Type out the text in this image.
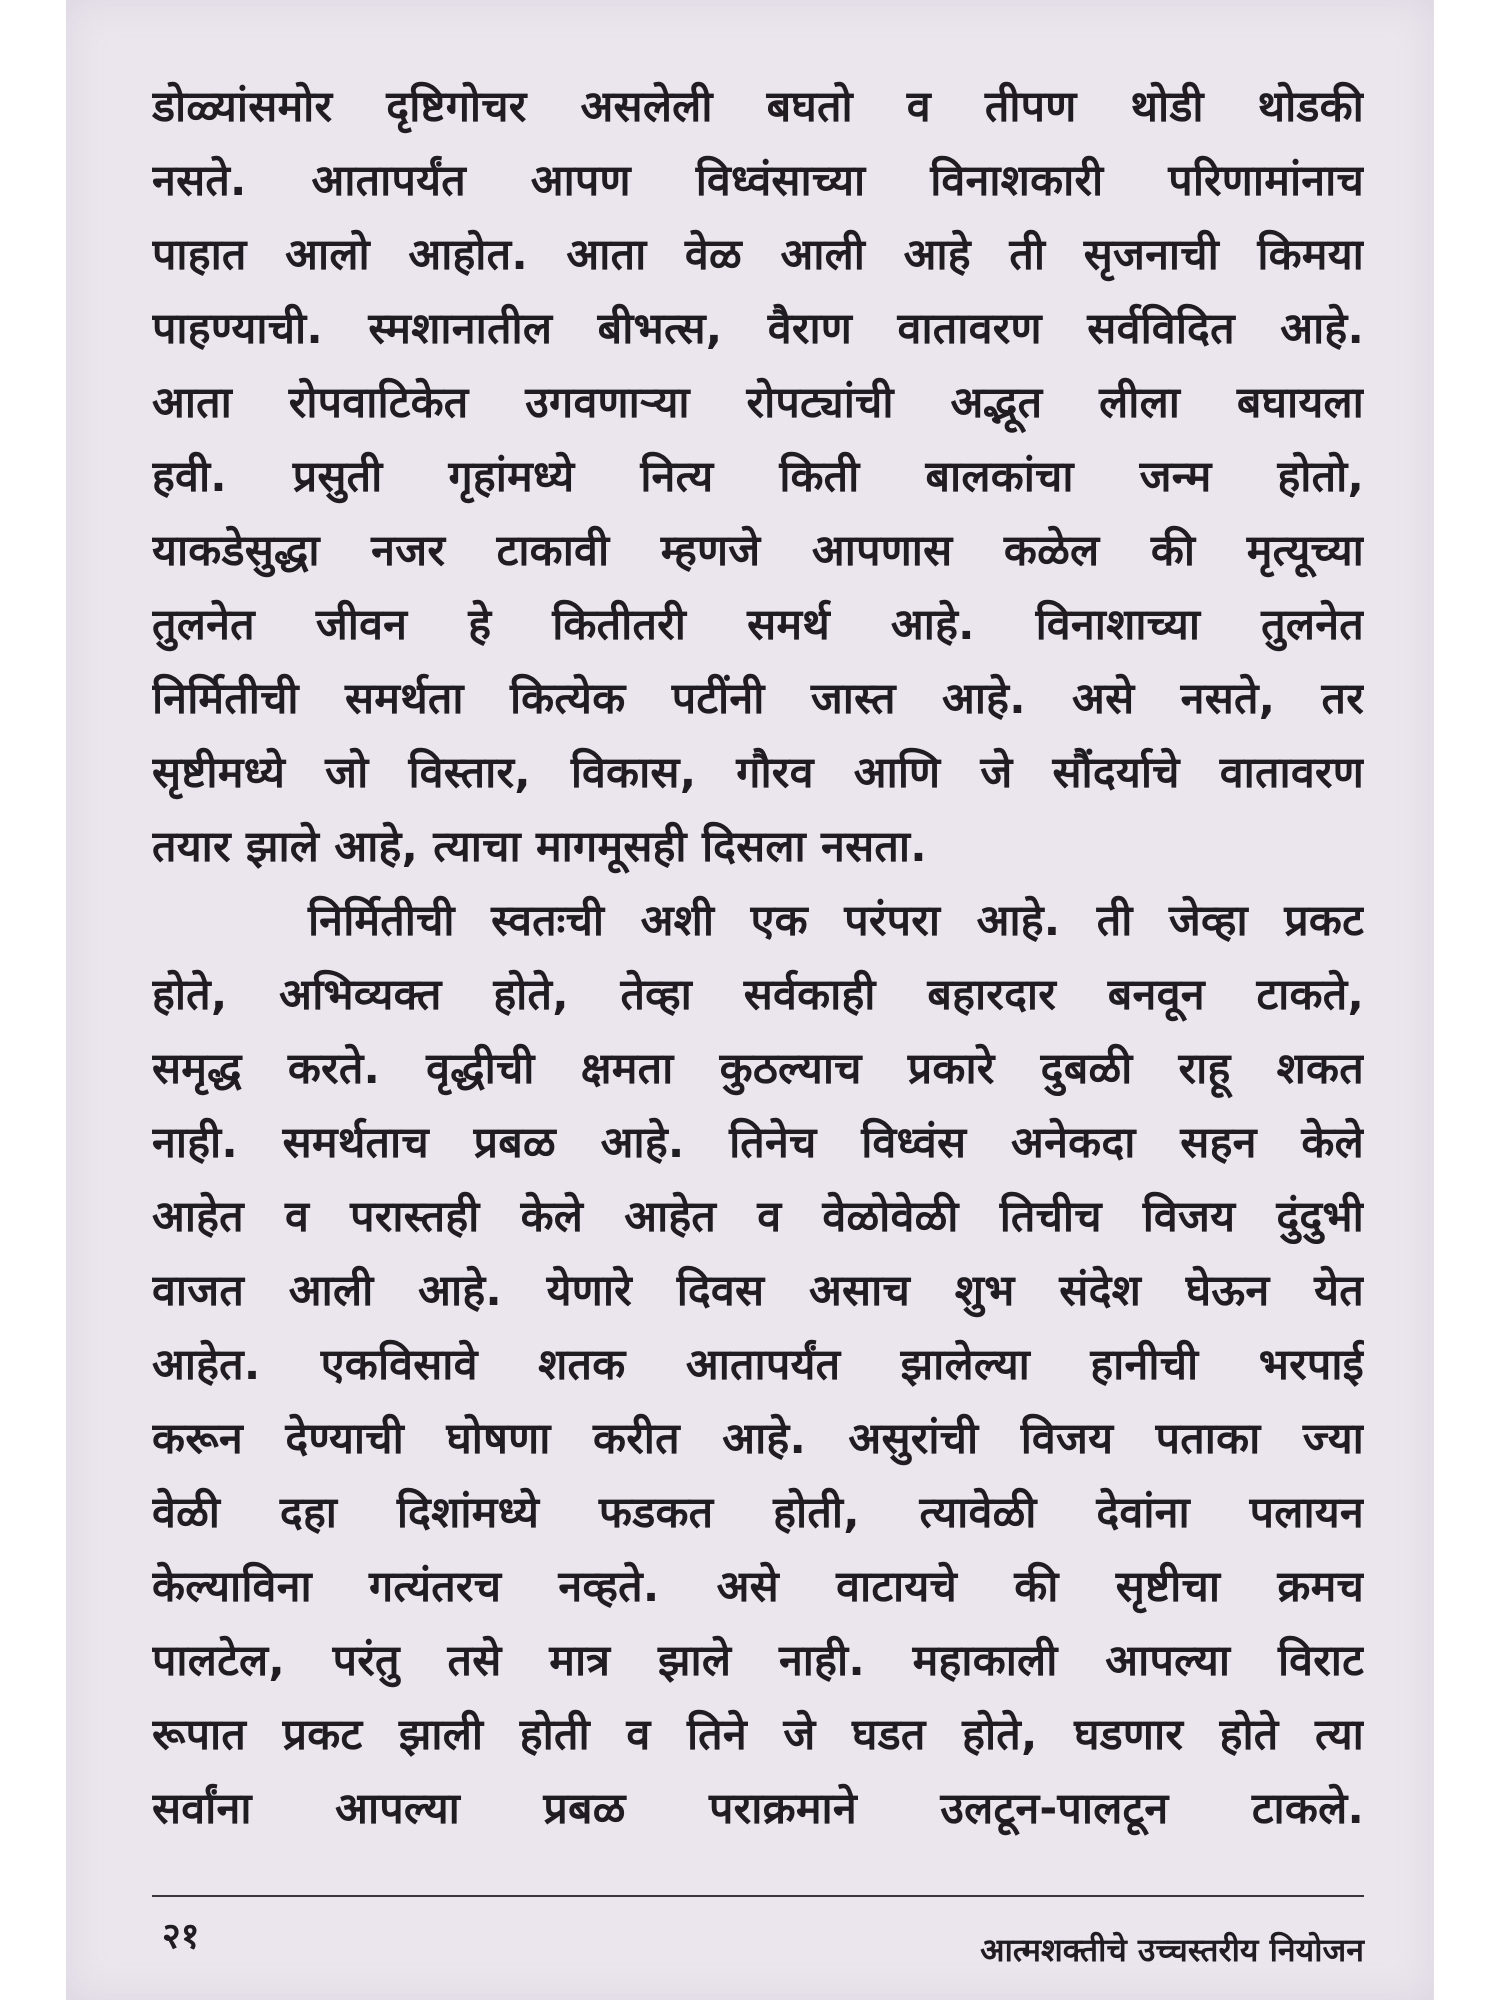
डोळ्यांसमोर दृष्टिगोचर असलेली बघतो व तीपण थोडी थोडकी
नसते. आतापर्यंत आपण विध्वंसाच्या विनाशकारी परिणामांनाच
पाहात आलो आहोत. आता वेळ आली आहे ती सृजनाची किमया
पाहण्याची. स्मशानातील बीभत्स, वैराण वातावरण सर्वविदित आहे.
आता रोपवाटिकेत उगवणाऱ्या रोपट्यांची अद्भूत लीला बघायला
हवी. प्रसुती गृहांमध्ये नित्य किती बालकांचा जन्म होतो,
याकडेसुद्धा नजर टाकावी म्हणजे आपणास कळेल की मृत्यूच्या
तुलनेत जीवन हे कितीतरी समर्थ आहे. विनाशाच्या तुलनेत
निर्मितीची समर्थता कित्येक पटींनी जास्त आहे. असे नसते, तर
सृष्टीमध्ये जो विस्तार, विकास, गौरव आणि जे सौंदर्याचे वातावरण
तयार झाले आहे, त्याचा मागमूसही दिसला नसता.
निर्मितीची स्वतःची अशी एक परंपरा आहे. ती जेव्हा प्रकट
होते, अभिव्यक्त होते, तेव्हा सर्वकाही बहारदार बनवून टाकते,
समृद्ध करते. वृद्धीची क्षमता कुठल्याच प्रकारे दुबळी राहू शकत
नाही. समर्थताच प्रबळ आहे. तिनेच विध्वंस अनेकदा सहन केले
आहेत व परास्तही केले आहेत व वेळोवेळी तिचीच विजय दुंदुभी
वाजत आली आहे. येणारे दिवस असाच शुभ संदेश घेऊन येत
आहेत. एकविसावे शतक आतापर्यंत झालेल्या हानीची भरपाई
करून देण्याची घोषणा करीत आहे. असुरांची विजय पताका ज्या
वेळी दहा दिशांमध्ये फडकत होती, त्यावेळी देवांना पलायन
केल्याविना गत्यंतरच नव्हते. असे वाटायचे की सृष्टीचा क्रमच
पालटेल, परंतु तसे मात्र झाले नाही. महाकाली आपल्या विराट
रूपात प्रकट झाली होती व तिने जे घडत होते, घडणार होते त्या
सर्वांना आपल्या प्रबळ पराक्रमाने उलटून-पालटून टाकले.
२१	आत्मशक्तीचे उच्चस्तरीय नियोजन
